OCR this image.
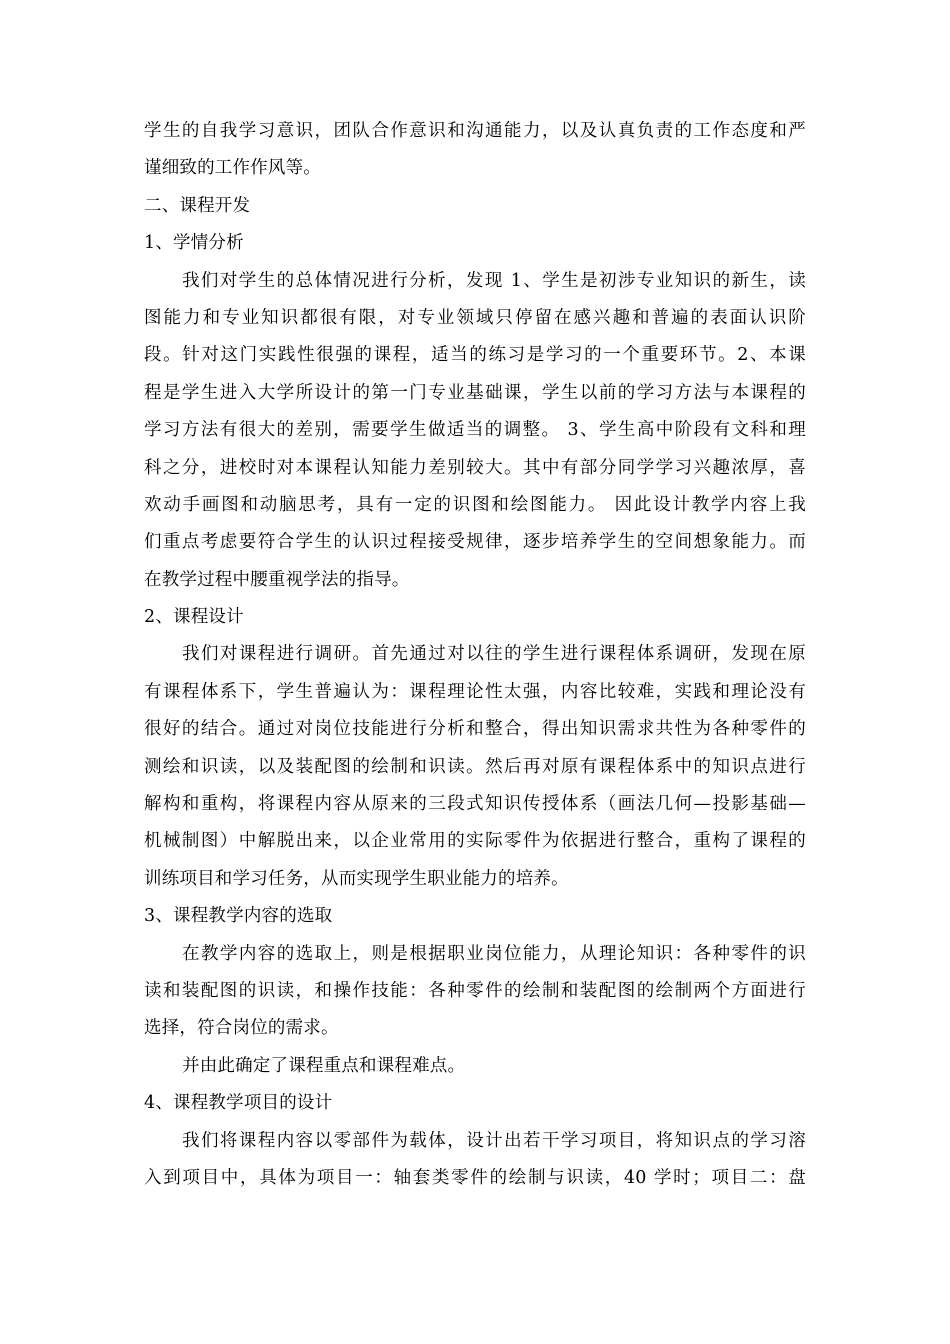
学生的自我学习意识，团队合作意识和沟通能力，以及认真负责的工作态度和严
谨细致的工作作风等。
二、课程开发
1、学情分析
我们对学生的总体情况进行分析，发现 1、学生是初涉专业知识的新生，读
图能力和专业知识都很有限，对专业领域只停留在感兴趣和普遍的表面认识阶
段。针对这门实践性很强的课程，适当的练习是学习的一个重要环节。2、本课
程是学生进入大学所设计的第一门专业基础课，学生以前的学习方法与本课程的
学习方法有很大的差别，需要学生做适当的调整。 3、学生高中阶段有文科和理
科之分，进校时对本课程认知能力差别较大。其中有部分同学学习兴趣浓厚，喜
欢动手画图和动脑思考，具有一定的识图和绘图能力。 因此设计教学内容上我
们重点考虑要符合学生的认识过程接受规律，逐步培养学生的空间想象能力。而
在教学过程中腰重视学法的指导。
2、课程设计
我们对课程进行调研。首先通过对以往的学生进行课程体系调研，发现在原
有课程体系下，学生普遍认为：课程理论性太强，内容比较难，实践和理论没有
很好的结合。通过对岗位技能进行分析和整合，得出知识需求共性为各种零件的
测绘和识读，以及装配图的绘制和识读。然后再对原有课程体系中的知识点进行
解构和重构，将课程内容从原来的三段式知识传授体系（画法几何—投影基础—
机械制图）中解脱出来，以企业常用的实际零件为依据进行整合，重构了课程的
训练项目和学习任务，从而实现学生职业能力的培养。
3、课程教学内容的选取
在教学内容的选取上，则是根据职业岗位能力，从理论知识：各种零件的识
读和装配图的识读，和操作技能：各种零件的绘制和装配图的绘制两个方面进行
选择，符合岗位的需求。
并由此确定了课程重点和课程难点。
4、课程教学项目的设计
我们将课程内容以零部件为载体，设计出若干学习项目，将知识点的学习溶
入到项目中，具体为项目一：轴套类零件的绘制与识读，40 学时；项目二：盘
